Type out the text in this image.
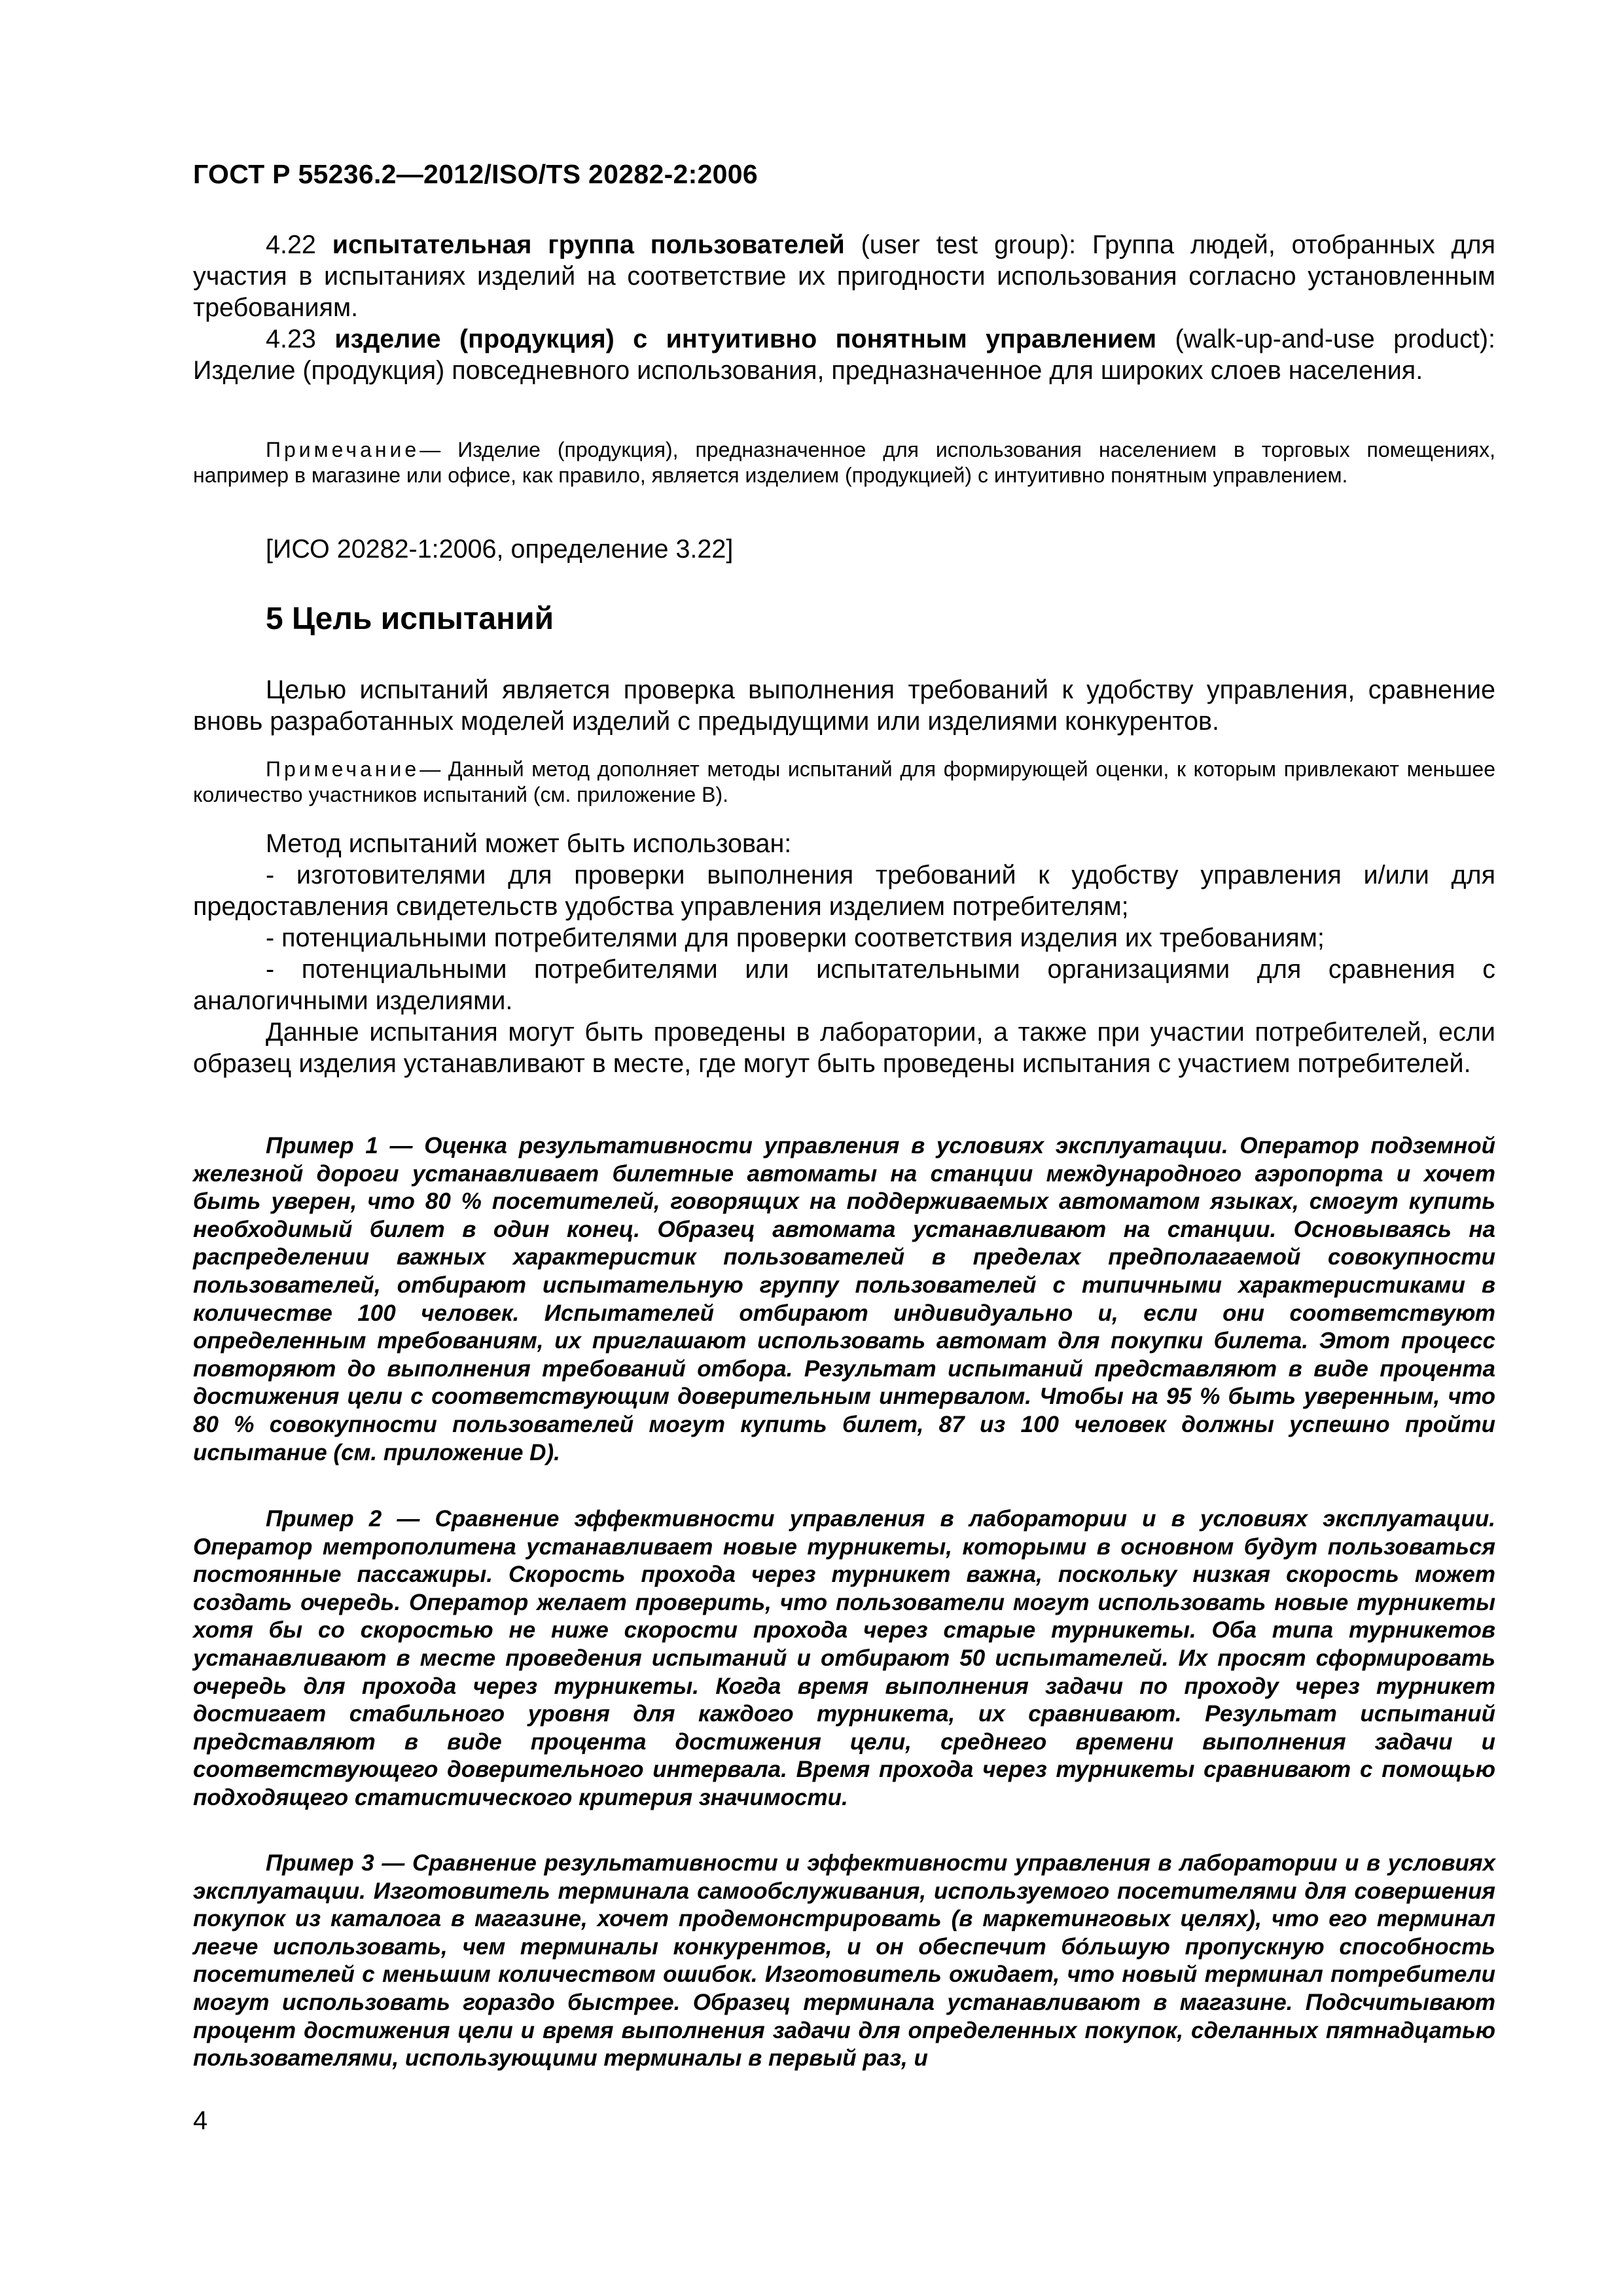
ГОСТ Р 55236.2—2012/ISO/TS 20282-2:2006

4.22 испытательная группа пользователей (user test group): Группа людей, отобранных для участия в испытаниях изделий на соответствие их пригодности использования согласно установленным требованиям.

4.23 изделие (продукция) с интуитивно понятным управлением (walk-up-and-use product): Изделие (продукция) повседневного использования, предназначенное для широких слоев населения.

Примечание— Изделие (продукция), предназначенное для использования населением в торговых помещениях, например в магазине или офисе, как правило, является изделием (продукцией) с интуитивно понятным управлением.

[ИСО 20282-1:2006, определение 3.22]

5 Цель испытаний

Целью испытаний является проверка выполнения требований к удобству управления, сравнение вновь разработанных моделей изделий с предыдущими или изделиями конкурентов.

Примечание— Данный метод дополняет методы испытаний для формирующей оценки, к которым привлекают меньшее количество участников испытаний (см. приложение В).

Метод испытаний может быть использован:

- изготовителями для проверки выполнения требований к удобству управления и/или для предоставления свидетельств удобства управления изделием потребителям;

- потенциальными потребителями для проверки соответствия изделия их требованиям;

- потенциальными потребителями или испытательными организациями для сравнения с аналогичными изделиями.

Данные испытания могут быть проведены в лаборатории, а также при участии потребителей, если образец изделия устанавливают в месте, где могут быть проведены испытания с участием потребителей.

Пример 1 — Оценка результативности управления в условиях эксплуатации. Оператор подземной железной дороги устанавливает билетные автоматы на станции международного аэропорта и хочет быть уверен, что 80 % посетителей, говорящих на поддерживаемых автоматом языках, смогут купить необходимый билет в один конец. Образец автомата устанавливают на станции. Основываясь на распределении важных характеристик пользователей в пределах предполагаемой совокупности пользователей, отбирают испытательную группу пользователей с типичными характеристиками в количестве 100 человек. Испытателей отбирают индивидуально и, если они соответствуют определенным требованиям, их приглашают использовать автомат для покупки билета. Этот процесс повторяют до выполнения требований отбора. Результат испытаний представляют в виде процента достижения цели с соответствующим доверительным интервалом. Чтобы на 95 % быть уверенным, что 80 % совокупности пользователей могут купить билет, 87 из 100 человек должны успешно пройти испытание (см. приложение D).

Пример 2 — Сравнение эффективности управления в лаборатории и в условиях эксплуатации. Оператор метрополитена устанавливает новые турникеты, которыми в основном будут пользоваться постоянные пассажиры. Скорость прохода через турникет важна, поскольку низкая скорость может создать очередь. Оператор желает проверить, что пользователи могут использовать новые турникеты хотя бы со скоростью не ниже скорости прохода через старые турникеты. Оба типа турникетов устанавливают в месте проведения испытаний и отбирают 50 испытателей. Их просят сформировать очередь для прохода через турникеты. Когда время выполнения задачи по проходу через турникет достигает стабильного уровня для каждого турникета, их сравнивают. Результат испытаний представляют в виде процента достижения цели, среднего времени выполнения задачи и соответствующего доверительного интервала. Время прохода через турникеты сравнивают с помощью подходящего статистического критерия значимости.

Пример 3 — Сравнение результативности и эффективности управления в лаборатории и в условиях эксплуатации. Изготовитель терминала самообслуживания, используемого посетителями для совершения покупок из каталога в магазине, хочет продемонстрировать (в маркетинговых целях), что его терминал легче использовать, чем терминалы конкурентов, и он обеспечит бо́льшую пропускную способность посетителей с меньшим количеством ошибок. Изготовитель ожидает, что новый терминал потребители могут использовать гораздо быстрее. Образец терминала устанавливают в магазине. Подсчитывают процент достижения цели и время выполнения задачи для определенных покупок, сделанных пятнадцатью пользователями, использующими терминалы в первый раз, и

4
